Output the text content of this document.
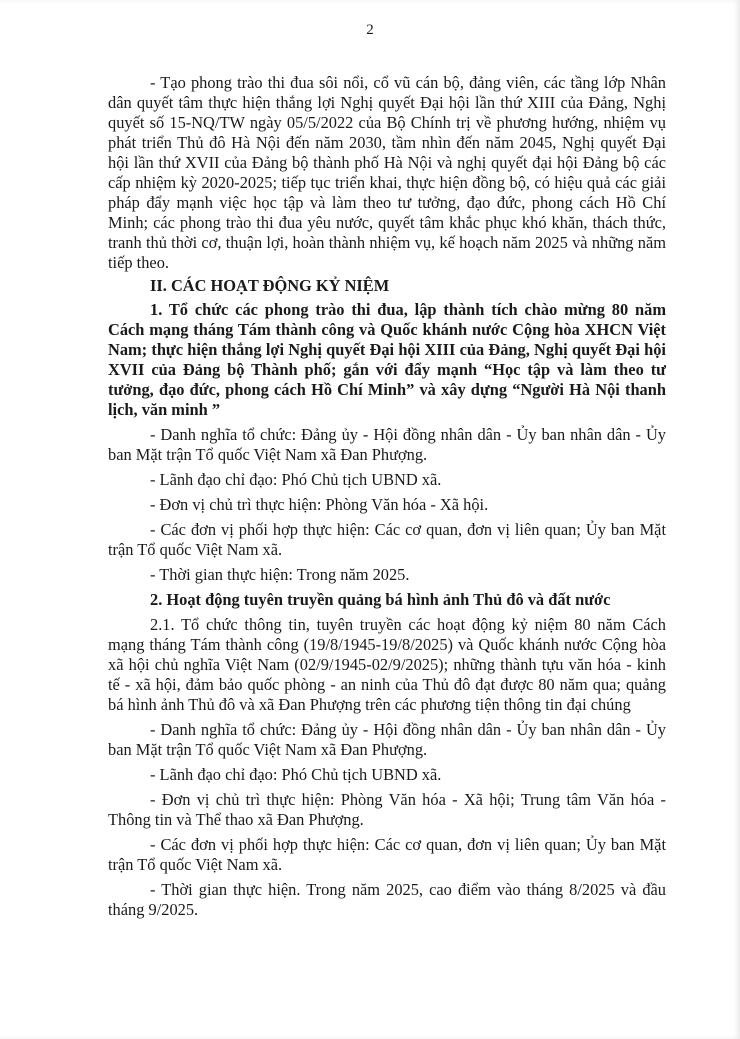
2

- Tạo phong trào thi đua sôi nổi, cổ vũ cán bộ, đảng viên, các tầng lớp Nhân dân quyết tâm thực hiện thắng lợi Nghị quyết Đại hội lần thứ XIII của Đảng, Nghị quyết số 15-NQ/TW ngày 05/5/2022 của Bộ Chính trị về phương hướng, nhiệm vụ phát triển Thủ đô Hà Nội đến năm 2030, tầm nhìn đến năm 2045, Nghị quyết Đại hội lần thứ XVII của Đảng bộ thành phố Hà Nội và nghị quyết đại hội Đảng bộ các cấp nhiệm kỳ 2020-2025; tiếp tục triển khai, thực hiện đồng bộ, có hiệu quả các giải pháp đẩy mạnh việc học tập và làm theo tư tưởng, đạo đức, phong cách Hồ Chí Minh; các phong trào thi đua yêu nước, quyết tâm khắc phục khó khăn, thách thức, tranh thủ thời cơ, thuận lợi, hoàn thành nhiệm vụ, kế hoạch năm 2025 và những năm tiếp theo.

II. CÁC HOẠT ĐỘNG KỶ NIỆM

1. Tổ chức các phong trào thi đua, lập thành tích chào mừng 80 năm Cách mạng tháng Tám thành công và Quốc khánh nước Cộng hòa XHCN Việt Nam; thực hiện thắng lợi Nghị quyết Đại hội XIII của Đảng, Nghị quyết Đại hội XVII của Đảng bộ Thành phố; gắn với đẩy mạnh “Học tập và làm theo tư tưởng, đạo đức, phong cách Hồ Chí Minh” và xây dựng “Người Hà Nội thanh lịch, văn minh ”

- Danh nghĩa tổ chức: Đảng ủy - Hội đồng nhân dân - Ủy ban nhân dân - Ủy ban Mặt trận Tổ quốc Việt Nam xã Đan Phượng.

- Lãnh đạo chỉ đạo: Phó Chủ tịch UBND xã.

- Đơn vị chủ trì thực hiện: Phòng Văn hóa - Xã hội.

- Các đơn vị phối hợp thực hiện: Các cơ quan, đơn vị liên quan; Ủy ban Mặt trận Tổ quốc Việt Nam xã.

- Thời gian thực hiện: Trong năm 2025.

2. Hoạt động tuyên truyền quảng bá hình ảnh Thủ đô và đất nước

2.1. Tổ chức thông tin, tuyên truyền các hoạt động kỷ niệm 80 năm Cách mạng tháng Tám thành công (19/8/1945-19/8/2025) và Quốc khánh nước Cộng hòa xã hội chủ nghĩa Việt Nam (02/9/1945-02/9/2025); những thành tựu văn hóa - kinh tế - xã hội, đảm bảo quốc phòng - an ninh của Thủ đô đạt được 80 năm qua; quảng bá hình ảnh Thủ đô và xã Đan Phượng trên các phương tiện thông tin đại chúng

- Danh nghĩa tổ chức: Đảng ủy - Hội đồng nhân dân - Ủy ban nhân dân - Ủy ban Mặt trận Tổ quốc Việt Nam xã Đan Phượng.

- Lãnh đạo chỉ đạo: Phó Chủ tịch UBND xã.

- Đơn vị chủ trì thực hiện: Phòng Văn hóa - Xã hội; Trung tâm Văn hóa - Thông tin và Thể thao xã Đan Phượng.

- Các đơn vị phối hợp thực hiện: Các cơ quan, đơn vị liên quan; Ủy ban Mặt trận Tổ quốc Việt Nam xã.

- Thời gian thực hiện. Trong năm 2025, cao điểm vào tháng 8/2025 và đầu tháng 9/2025.
